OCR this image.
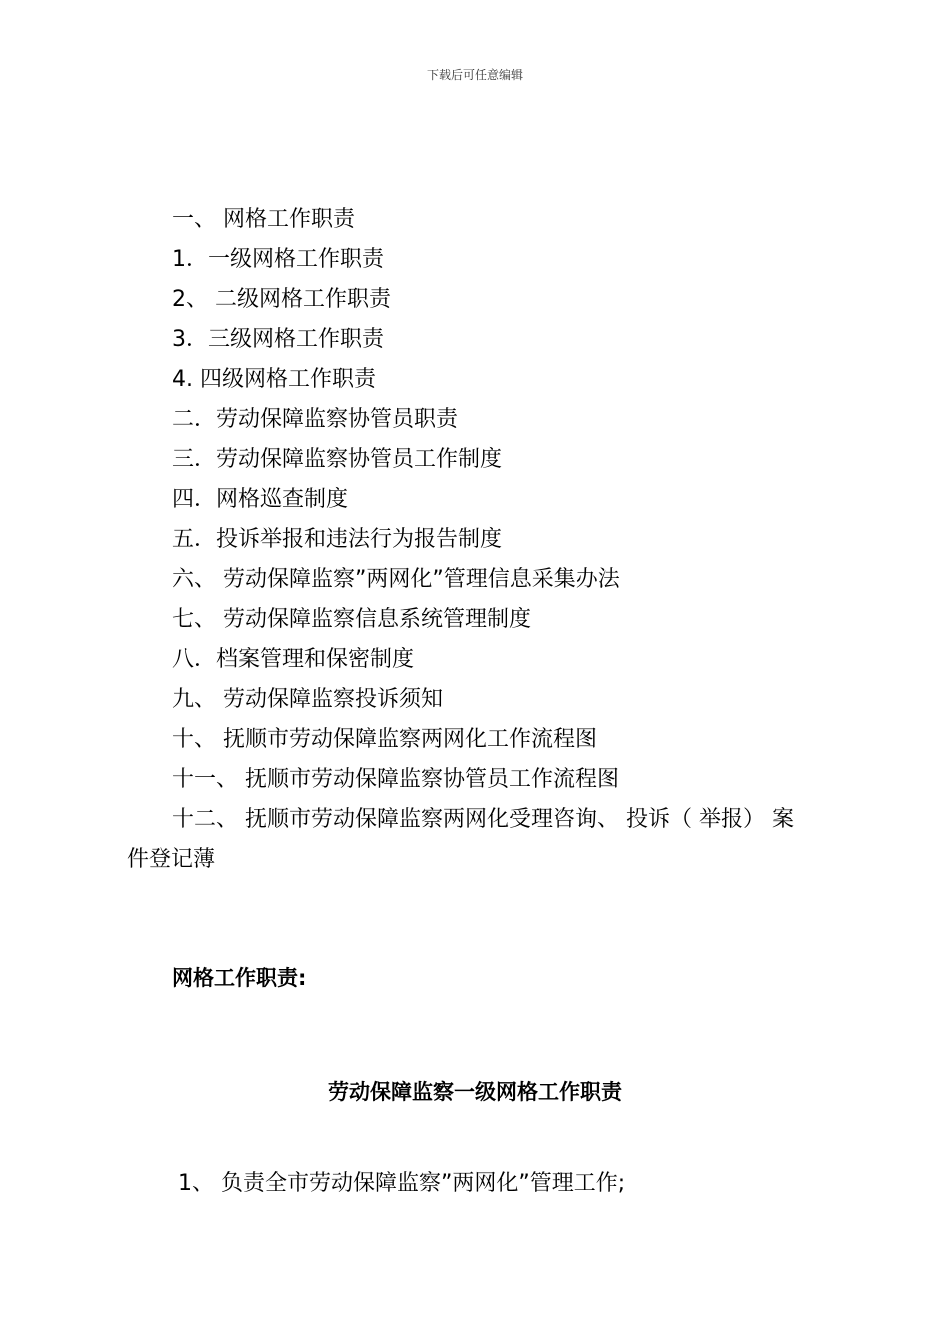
下载后可任意编辑
一、 网格工作职责
1．一级网格工作职责
2、 二级网格工作职责
3．三级网格工作职责
4. 四级网格工作职责
二．劳动保障监察协管员职责
三．劳动保障监察协管员工作制度
四．网格巡查制度
五．投诉举报和违法行为报告制度
六、 劳动保障监察”两网化”管理信息采集办法
七、 劳动保障监察信息系统管理制度
八．档案管理和保密制度
九、 劳动保障监察投诉须知
十、 抚顺市劳动保障监察两网化工作流程图
十一、 抚顺市劳动保障监察协管员工作流程图
十二、 抚顺市劳动保障监察两网化受理咨询、 投诉（ 举报） 案
件登记薄
网格工作职责:
劳动保障监察一级网格工作职责
1、 负责全市劳动保障监察”两网化”管理工作;
